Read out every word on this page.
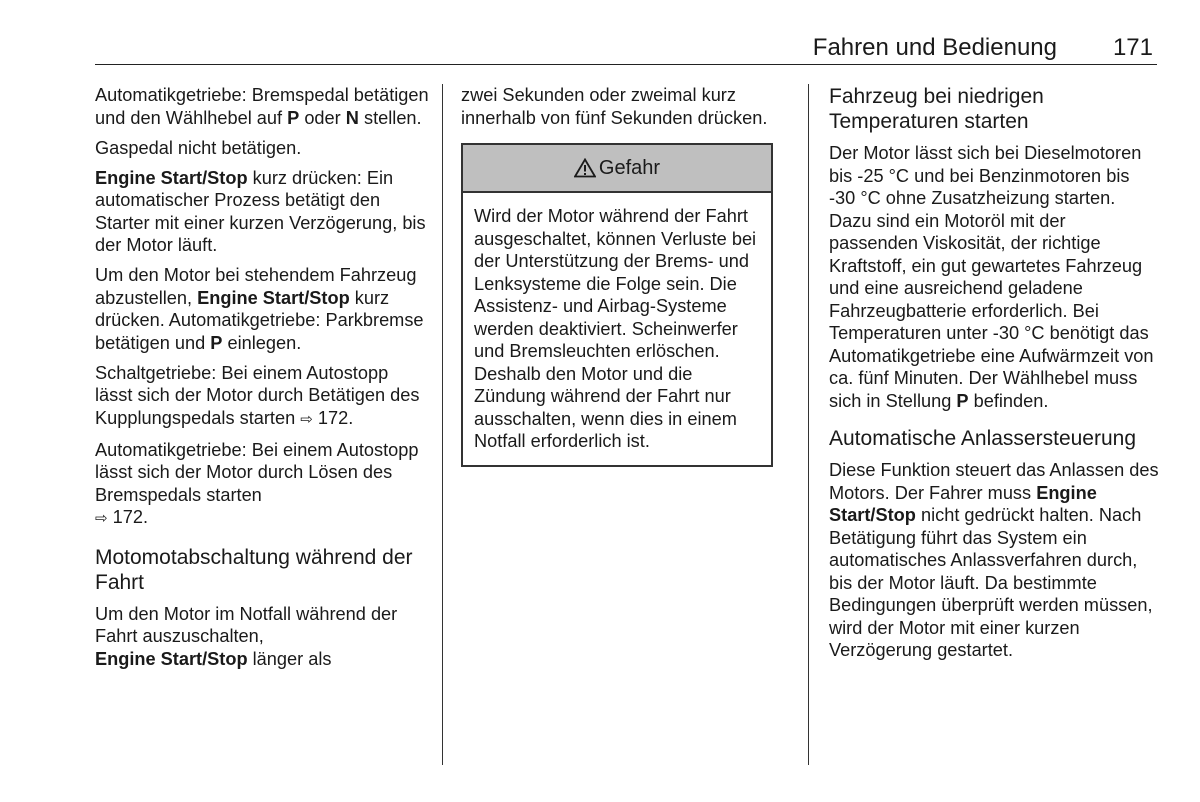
Fahren und Bedienung 171

Automatikgetriebe: Bremspedal betätigen und den Wählhebel auf P oder N stellen.

Gaspedal nicht betätigen.

Engine Start/Stop kurz drücken: Ein automatischer Prozess betätigt den Starter mit einer kurzen Verzögerung, bis der Motor läuft.

Um den Motor bei stehendem Fahrzeug abzustellen, Engine Start/Stop kurz drücken. Automatikgetriebe: Parkbremse betätigen und P einlegen.

Schaltgetriebe: Bei einem Autostopp lässt sich der Motor durch Betätigen des Kupplungspedals starten ⇨ 172.

Automatikgetriebe: Bei einem Autostopp lässt sich der Motor durch Lösen des Bremspedals starten
⇨ 172.

Motomotabschaltung während der Fahrt

Um den Motor im Notfall während der Fahrt auszuschalten,
Engine Start/Stop länger als

zwei Sekunden oder zweimal kurz innerhalb von fünf Sekunden drücken.

Gefahr
Wird der Motor während der Fahrt ausgeschaltet, können Verluste bei der Unterstützung der Brems- und Lenksysteme die Folge sein. Die Assistenz- und Airbag-Systeme werden deaktiviert. Scheinwerfer und Bremsleuchten erlöschen. Deshalb den Motor und die Zündung während der Fahrt nur ausschalten, wenn dies in einem Notfall erforderlich ist.
Fahrzeug bei niedrigen Temperaturen starten

Der Motor lässt sich bei Dieselmotoren bis -25 °C und bei Benzinmotoren bis -30 °C ohne Zusatzheizung starten. Dazu sind ein Motoröl mit der passenden Viskosität, der richtige Kraftstoff, ein gut gewartetes Fahrzeug und eine ausreichend geladene Fahrzeugbatterie erforderlich. Bei Temperaturen unter -30 °C benötigt das Automatikgetriebe eine Aufwärmzeit von ca. fünf Minuten. Der Wählhebel muss sich in Stellung P befinden.

Automatische Anlassersteuerung

Diese Funktion steuert das Anlassen des Motors. Der Fahrer muss Engine Start/Stop nicht gedrückt halten. Nach Betätigung führt das System ein automatisches Anlassverfahren durch, bis der Motor läuft. Da bestimmte Bedingungen überprüft werden müssen, wird der Motor mit einer kurzen Verzögerung gestartet.
